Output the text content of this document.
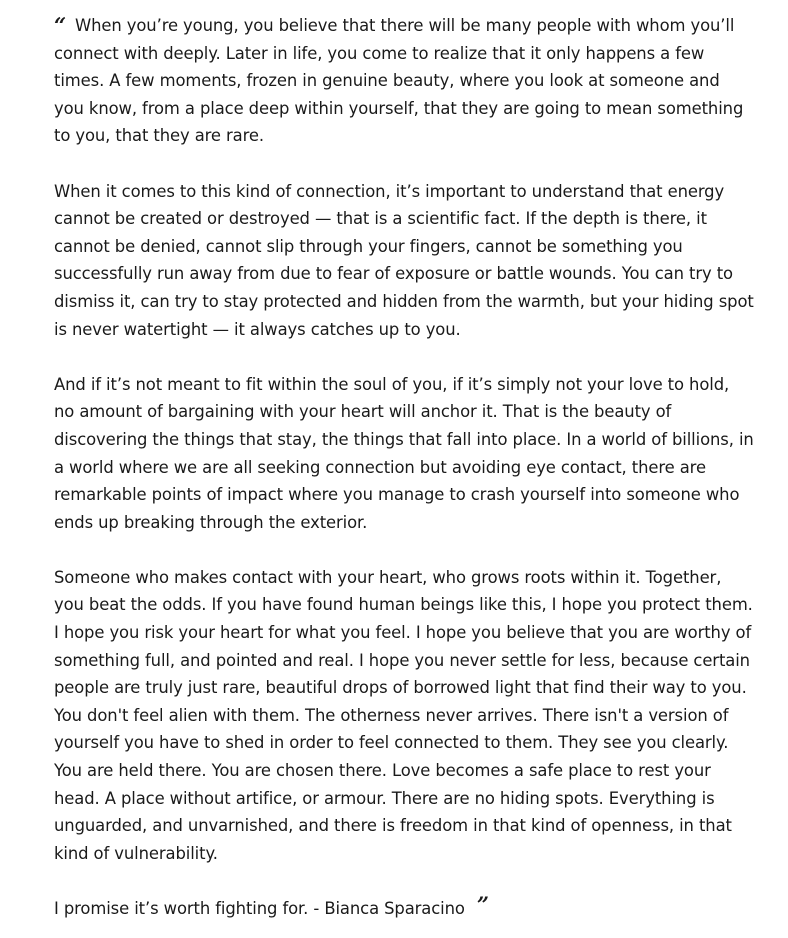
“ When you’re young, you believe that there will be many people with whom you’ll connect with deeply. Later in life, you come to realize that it only happens a few times. A few moments, frozen in genuine beauty, where you look at someone and you know, from a place deep within yourself, that they are going to mean something to you, that they are rare.

When it comes to this kind of connection, it’s important to understand that energy cannot be created or destroyed — that is a scientific fact. If the depth is there, it cannot be denied, cannot slip through your fingers, cannot be something you successfully run away from due to fear of exposure or battle wounds. You can try to dismiss it, can try to stay protected and hidden from the warmth, but your hiding spot is never watertight — it always catches up to you.

And if it’s not meant to fit within the soul of you, if it’s simply not your love to hold, no amount of bargaining with your heart will anchor it. That is the beauty of discovering the things that stay, the things that fall into place. In a world of billions, in a world where we are all seeking connection but avoiding eye contact, there are remarkable points of impact where you manage to crash yourself into someone who ends up breaking through the exterior.

Someone who makes contact with your heart, who grows roots within it. Together, you beat the odds. If you have found human beings like this, I hope you protect them. I hope you risk your heart for what you feel. I hope you believe that you are worthy of something full, and pointed and real. I hope you never settle for less, because certain people are truly just rare, beautiful drops of borrowed light that find their way to you. You don't feel alien with them. The otherness never arrives. There isn't a version of yourself you have to shed in order to feel connected to them. They see you clearly. You are held there. You are chosen there. Love becomes a safe place to rest your head. A place without artifice, or armour. There are no hiding spots. Everything is unguarded, and unvarnished, and there is freedom in that kind of openness, in that kind of vulnerability.

I promise it’s worth fighting for. - Bianca Sparacino ”
